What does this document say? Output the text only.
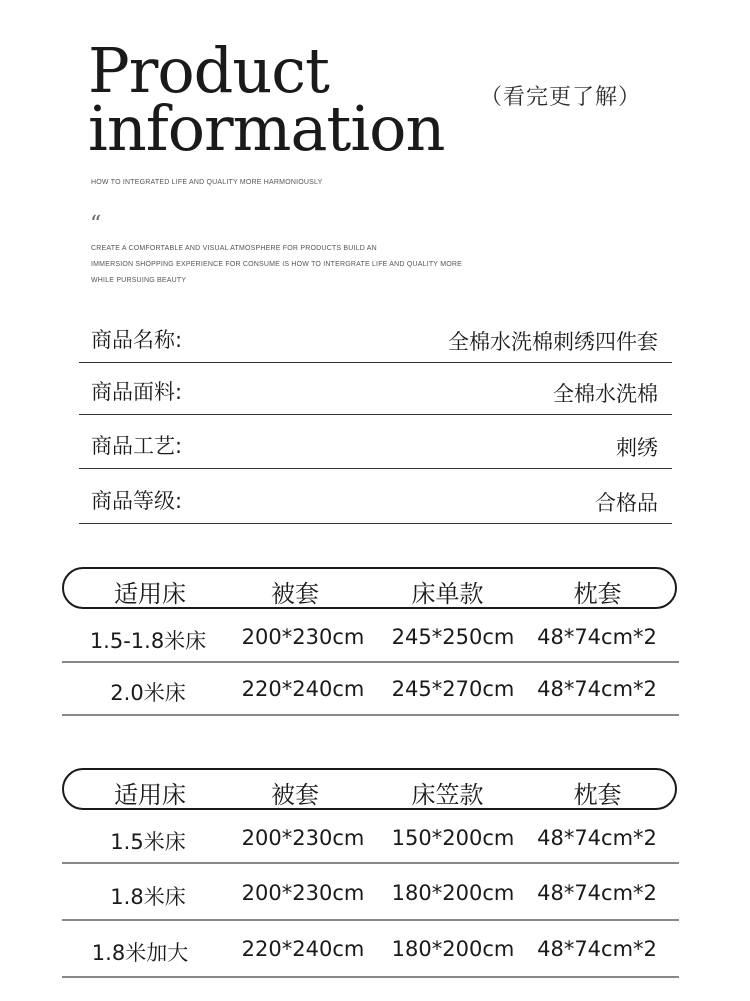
Product
information （看完更了解）
HOW TO INTEGRATED LIFE AND QUALITY MORE HARMONIOUSLY
“
CREATE A COMFORTABLE AND VISUAL ATMOSPHERE FOR PRODUCTS BUILD AN
IMMERSION SHOPPING EXPERIENCE FOR CONSUME IS HOW TO INTERGRATE LIFE AND QUALITY MORE
WHILE PURSUING BEAUTY
商品名称:	全棉水洗棉刺绣四件套
商品面料:	全棉水洗棉
商品工艺:	刺绣
商品等级:	合格品
适用床	被套	床单款	枕套
1.5-1.8米床	200*230cm 245*250cm 48*74cm*2
2.0米床	220*240cm 245*270cm 48*74cm*2
适用床	被套	床笠款	枕套
1.5米床	200*230cm 150*200cm 48*74cm*2
1.8米床	200*230cm 180*200cm 48*74cm*2
1.8米加大	220*240cm 180*200cm 48*74cm*2
